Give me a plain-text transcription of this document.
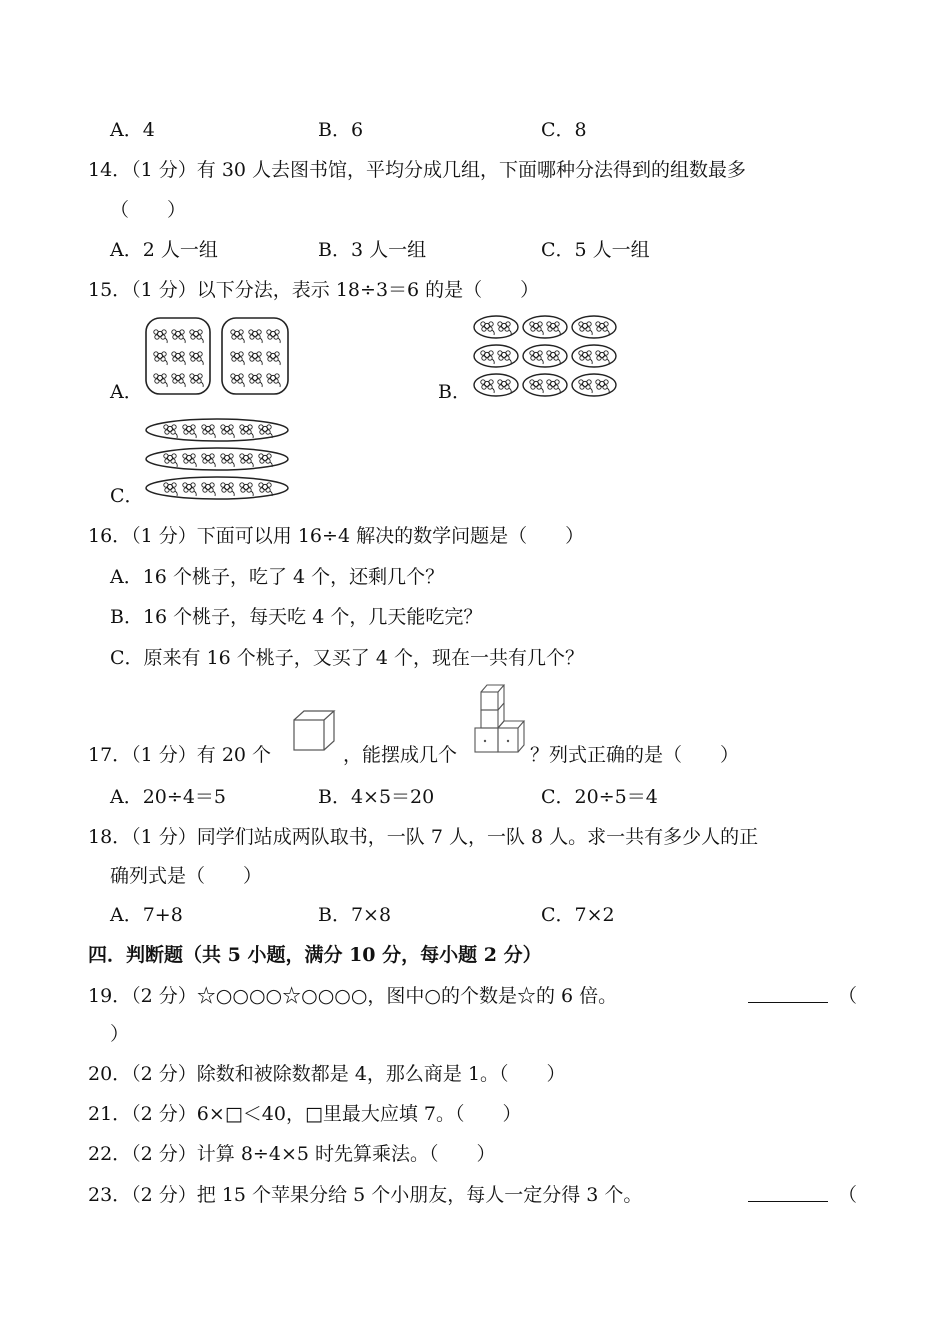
A．4	B．6	C．8
14．（1 分）有 30 人去图书馆，平均分成几组，下面哪种分法得到的组数最多
（　　）
A．2 人一组	B．3 人一组	C．5 人一组
15．（1 分）以下分法，表示 18÷3＝6 的是（　　）
A．	B．
C．
16．（1 分）下面可以用 16÷4 解决的数学问题是（　　）
A．16 个桃子，吃了 4 个，还剩几个？
B．16 个桃子，每天吃 4 个，几天能吃完？
C．原来有 16 个桃子，又买了 4 个，现在一共有几个？
17．（1 分）有 20 个	，能摆成几个	？列式正确的是（　　）
A．20÷4＝5	B．4×5＝20	C．20÷5＝4
18．（1 分）同学们站成两队取书，一队 7 人，一队 8 人。求一共有多少人的正
确列式是（　　）
A．7+8	B．7×8	C．7×2
四．判断题（共 5 小题，满分 10 分，每小题 2 分）
19．（2 分）☆○○○○☆○○○○，图中○的个数是☆的 6 倍。	（
）
20．（2 分）除数和被除数都是 4，那么商是 1。（　　）
21．（2 分）6×□＜40，□里最大应填 7。（　　）
22．（2 分）计算 8÷4×5 时先算乘法。（　　）
23．（2 分）把 15 个苹果分给 5 个小朋友，每人一定分得 3 个。	（
